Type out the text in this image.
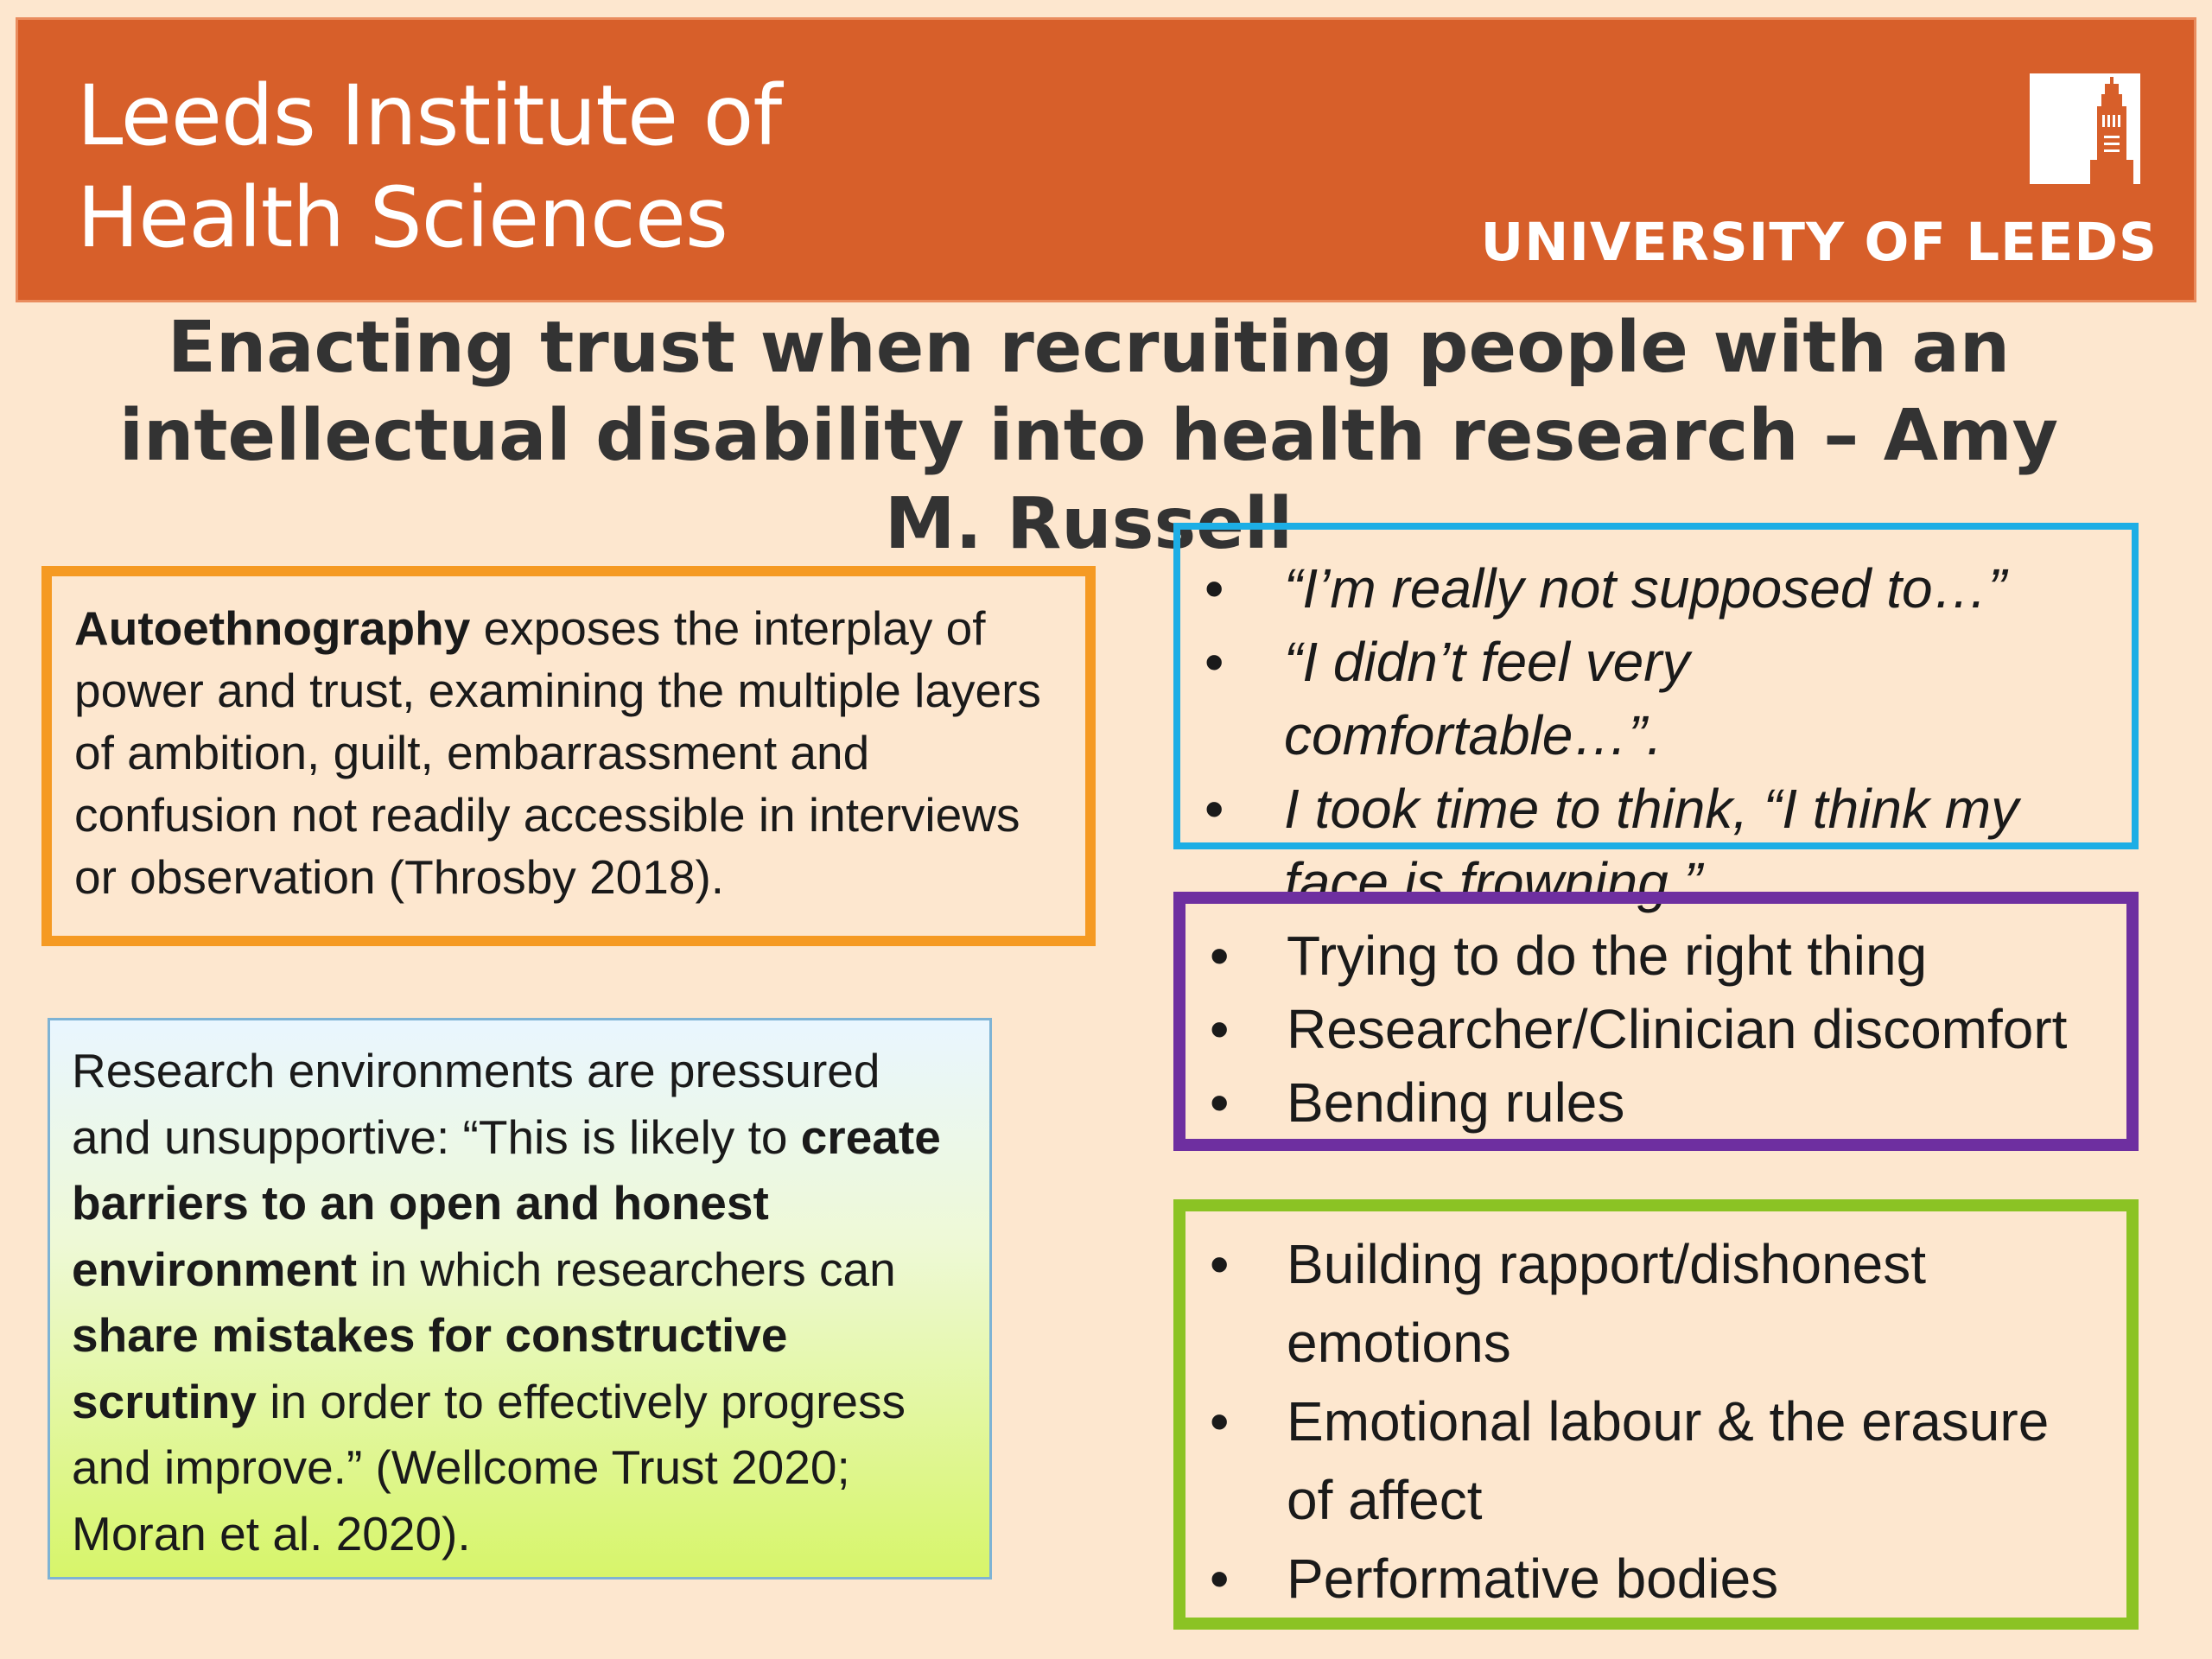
Leeds Institute of
Health Sciences	UNIVERSITY OF LEEDS
Enacting trust when recruiting people with an intellectual disability into health research – Amy M. Russell
Autoethnography exposes the interplay of power and trust, examining the multiple layers of ambition, guilt, embarrassment and confusion not readily accessible in interviews or observation (Throsby 2018).
Research environments are pressured and unsupportive: “This is likely to create barriers to an open and honest environment in which researchers can share mistakes for constructive scrutiny in order to effectively progress and improve.” (Wellcome Trust 2020; Moran et al. 2020).
• “I’m really not supposed to…”
• “I didn’t feel very comfortable…”.
• I took time to think, “I think my face is frowning.”
• Trying to do the right thing
• Researcher/Clinician discomfort
• Bending rules
• Building rapport/dishonest emotions
• Emotional labour & the erasure of affect
• Performative bodies
